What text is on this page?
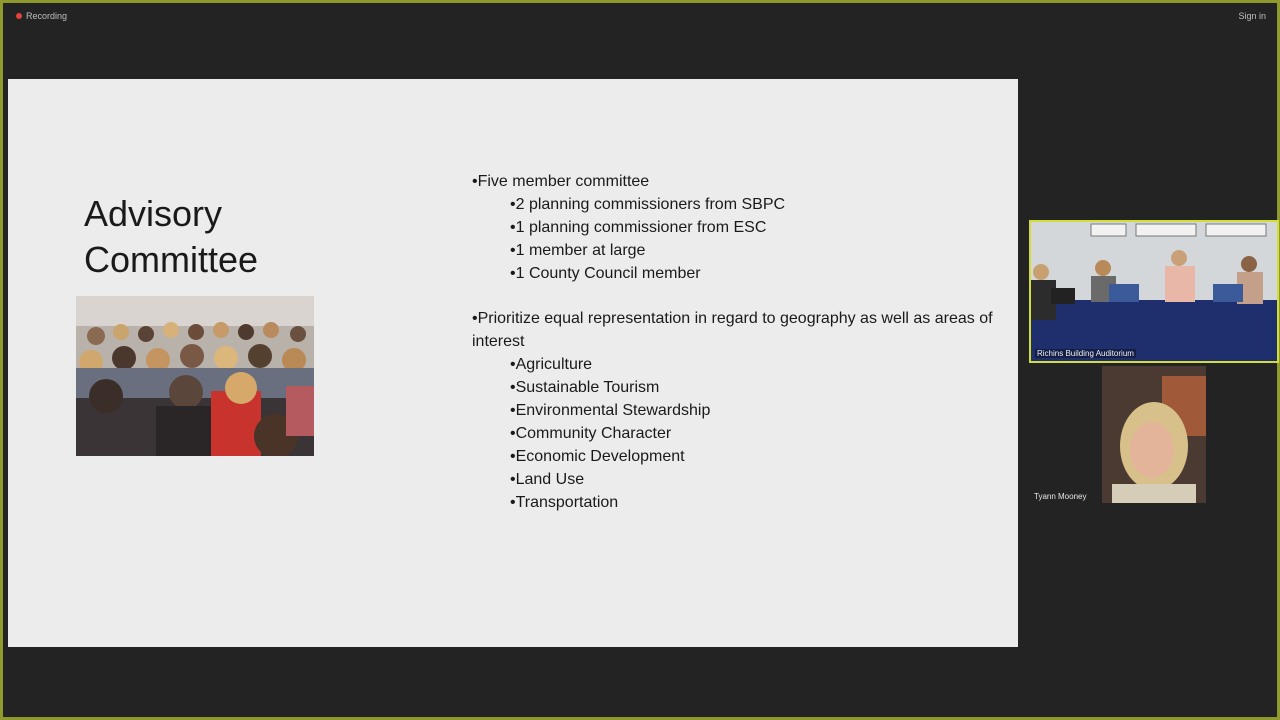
Recording	Sign in
Advisory
Committee

•Five member committee

•2 planning commissioners from SBPC

•1 planning commissioner from ESC

•1 member at large

•1 County Council member

•Prioritize equal representation in regard to geography as well as areas of interest

•Agriculture

•Sustainable Tourism

•Environmental Stewardship

•Community Character

•Economic Development

•Land Use

•Transportation

Richins Building Auditorium
Tyann Mooney
